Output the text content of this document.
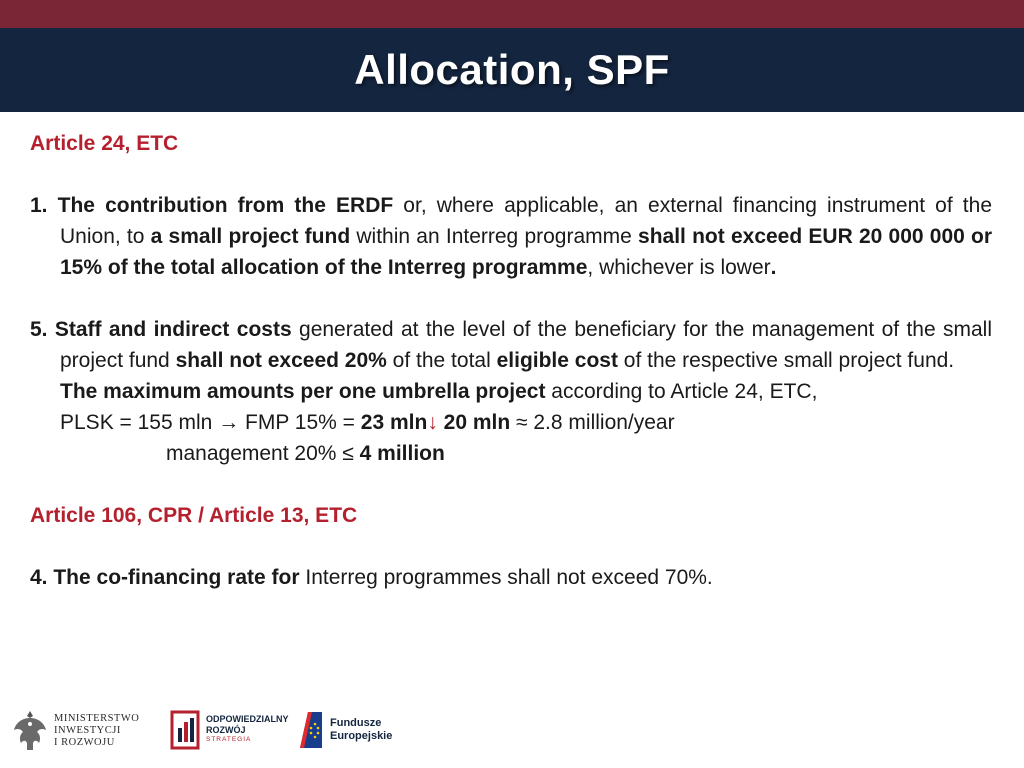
Allocation, SPF
Article 24, ETC
1. The contribution from the ERDF or, where applicable, an external financing instrument of the Union, to a small project fund within an Interreg programme shall not exceed EUR 20 000 000 or 15% of the total allocation of the Interreg programme, whichever is lower.
5. Staff and indirect costs generated at the level of the beneficiary for the management of the small project fund shall not exceed 20% of the total eligible cost of the respective small project fund.
The maximum amounts per one umbrella project according to Article 24, ETC,
PLSK = 155 mln → FMP 15% = 23 mln↓ 20 mln ≈ 2.8 million/year
management 20% ≤ 4 million
Article 106, CPR / Article 13, ETC
4. The co-financing rate for Interreg programmes shall not exceed 70%.
MINISTERSTWO
INWESTYCJI
I ROZWOJU
ODPOWIEDZIALNY
ROZWÓJ
STRATEGIA
Fundusze
Europejskie
